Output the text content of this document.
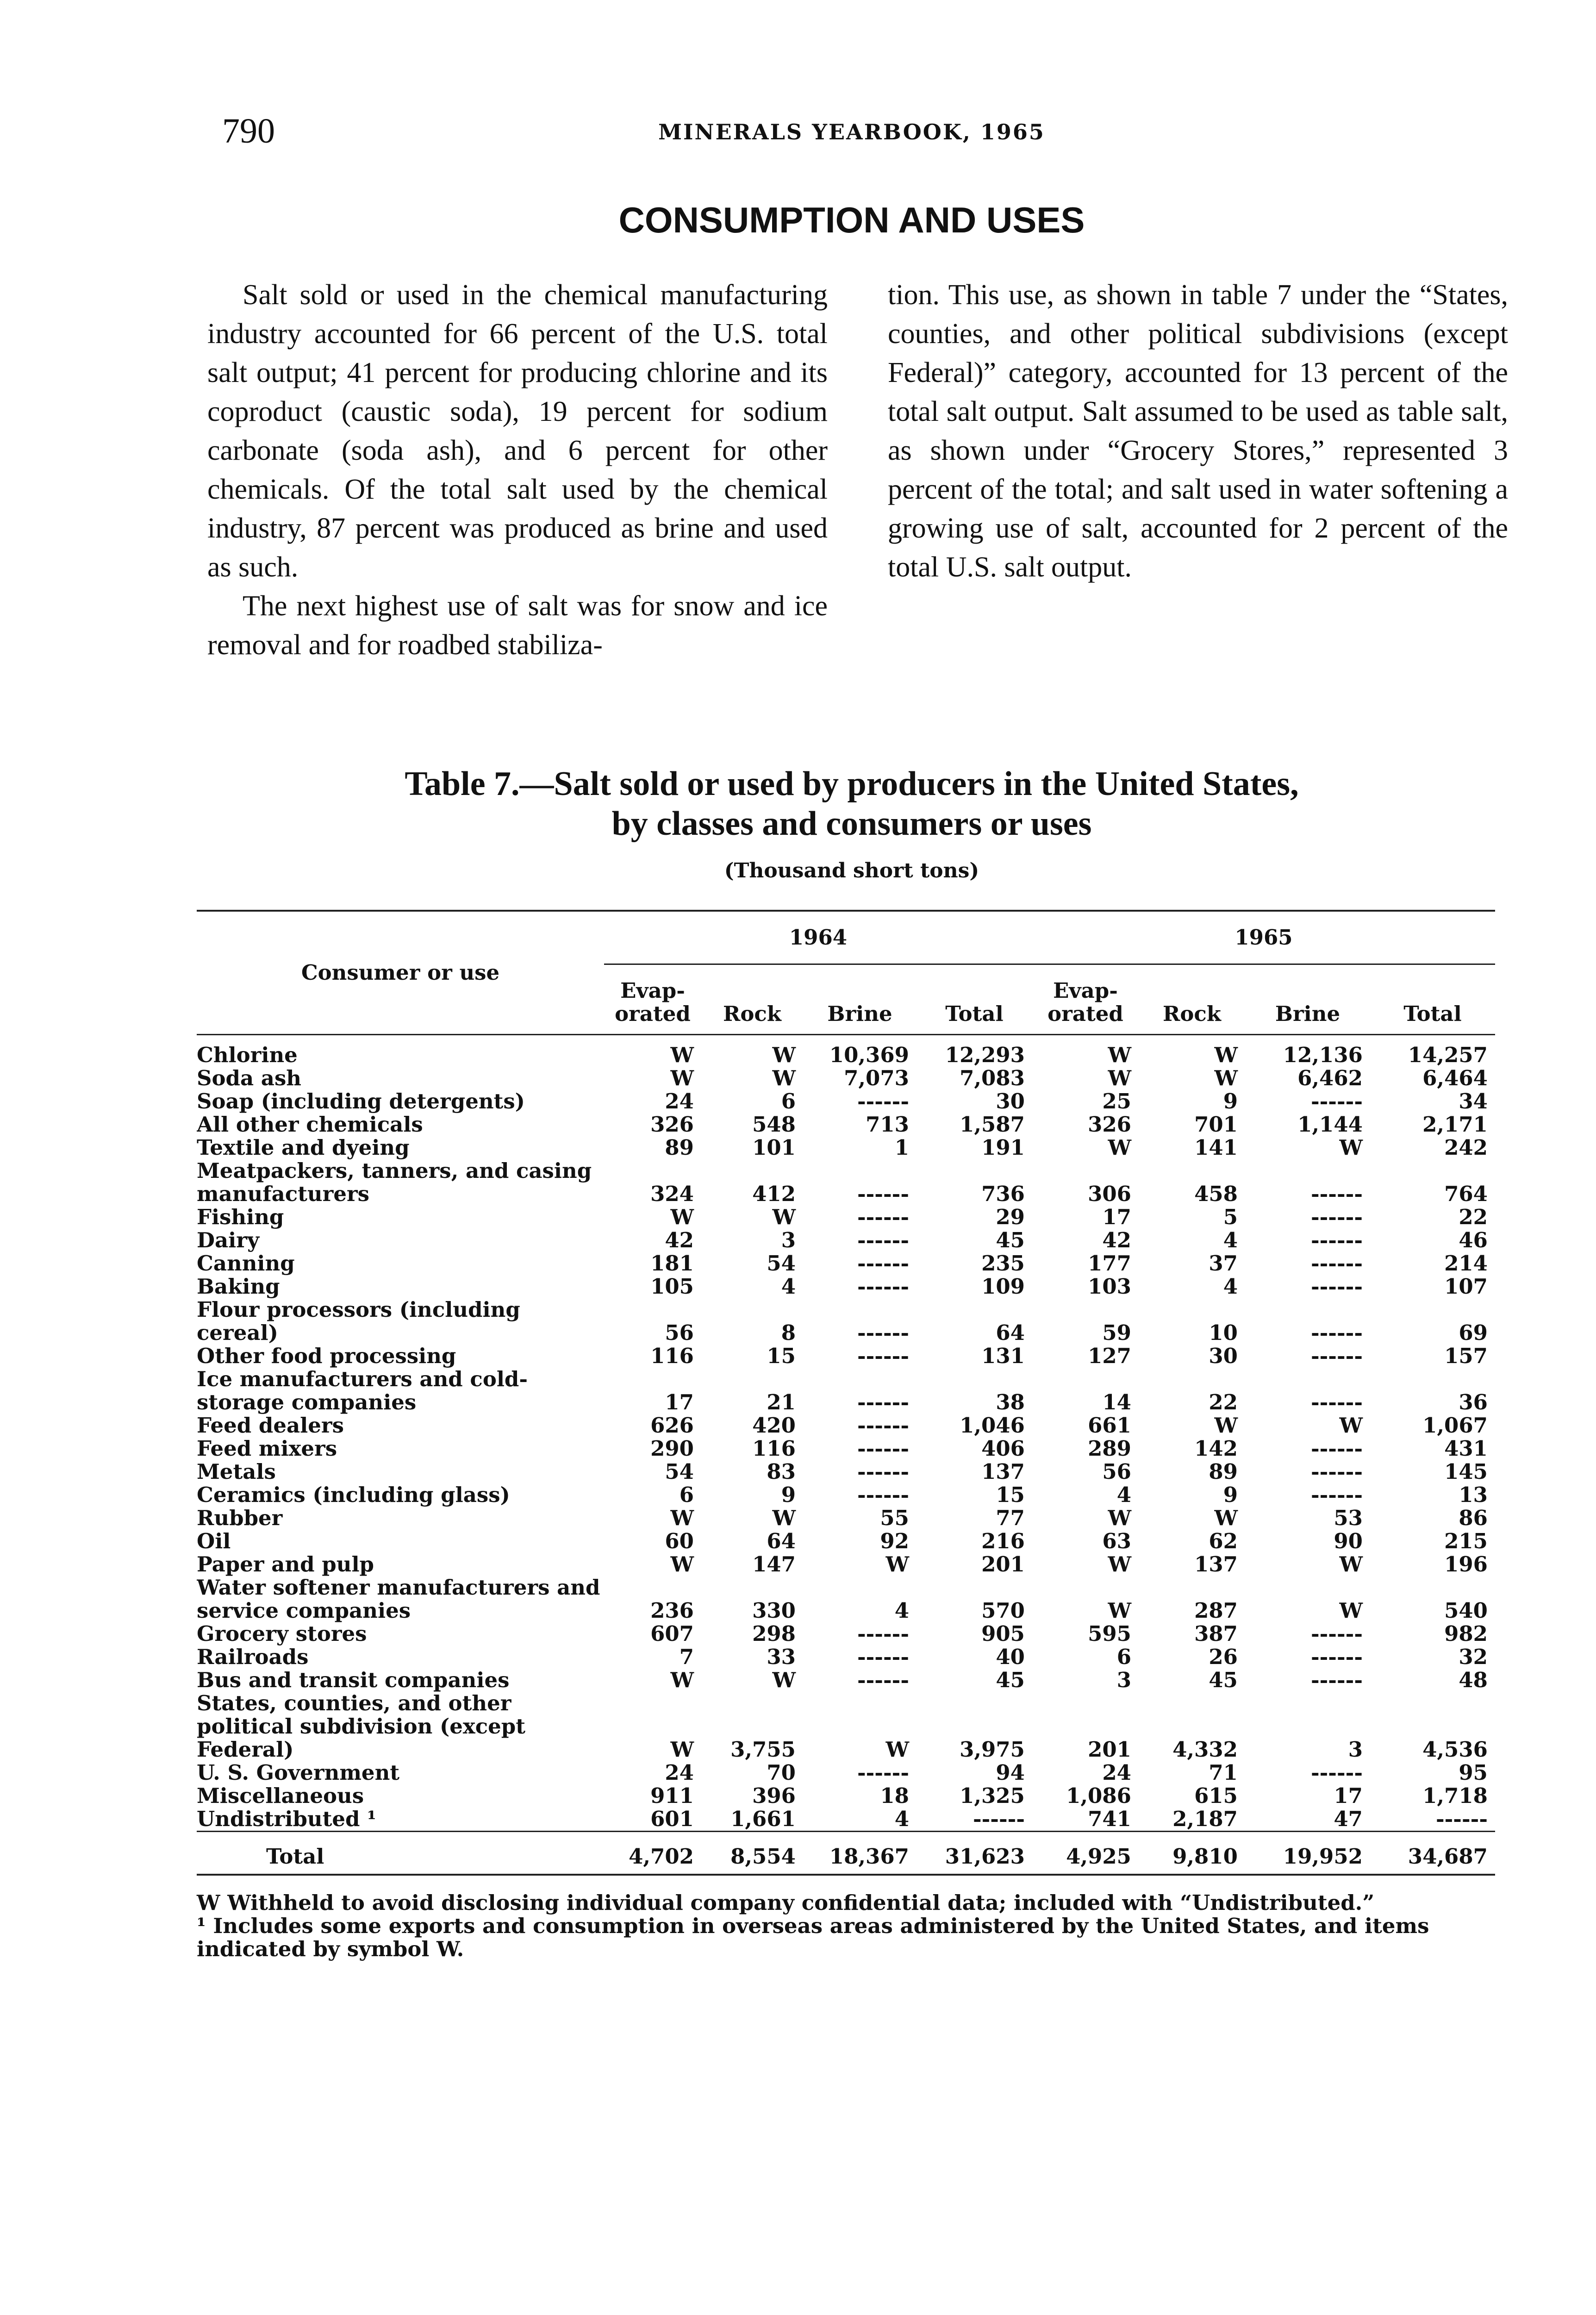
790	MINERALS YEARBOOK, 1965
CONSUMPTION AND USES

Salt sold or used in the chemical manufacturing industry accounted for 66 percent of the U.S. total salt output; 41 percent for producing chlorine and its coproduct (caustic soda), 19 percent for sodium carbonate (soda ash), and 6 percent for other chemicals. Of the total salt used by the chemical industry, 87 percent was produced as brine and used as such.

The next highest use of salt was for snow and ice removal and for roadbed stabiliza-

tion. This use, as shown in table 7 under the “States, counties, and other political subdivisions (except Federal)” category, accounted for 13 percent of the total salt output. Salt assumed to be used as table salt, as shown under “Grocery Stores,” represented 3 percent of the total; and salt used in water softening a growing use of salt, accounted for 2 percent of the total U.S. salt output.

Table 7.—Salt sold or used by producers in the United States,
by classes and consumers or uses
(Thousand short tons)
Consumer or use	1964				1965			
	Evap- orated	Rock	Brine	Total	Evap- orated	Rock	Brine	Total
Chlorine	W	W	10,369	12,293	W	W	12,136	14,257
Soda ash	W	W	7,073	7,083	W	W	6,462	6,464
Soap (including detergents)	24	6	------	30	25	9	------	34
All other chemicals	326	548	713	1,587	326	701	1,144	2,171
Textile and dyeing	89	101	1	191	W	141	W	242
Meatpackers, tanners, and casing manufacturers	324	412	------	736	306	458	------	764
Fishing	W	W	------	29	17	5	------	22
Dairy	42	3	------	45	42	4	------	46
Canning	181	54	------	235	177	37	------	214
Baking	105	4	------	109	103	4	------	107
Flour processors (including cereal)	56	8	------	64	59	10	------	69
Other food processing	116	15	------	131	127	30	------	157
Ice manufacturers and cold-storage companies	17	21	------	38	14	22	------	36
Feed dealers	626	420	------	1,046	661	W	W	1,067
Feed mixers	290	116	------	406	289	142	------	431
Metals	54	83	------	137	56	89	------	145
Ceramics (including glass)	6	9	------	15	4	9	------	13
Rubber	W	W	55	77	W	W	53	86
Oil	60	64	92	216	63	62	90	215
Paper and pulp	W	147	W	201	W	137	W	196
Water softener manufacturers and service companies	236	330	4	570	W	287	W	540
Grocery stores	607	298	------	905	595	387	------	982
Railroads	7	33	------	40	6	26	------	32
Bus and transit companies	W	W	------	45	3	45	------	48
States, counties, and other political subdivision (except Federal)	W	3,755	W	3,975	201	4,332	3	4,536
U. S. Government	24	70	------	94	24	71	------	95
Miscellaneous	911	396	18	1,325	1,086	615	17	1,718
Undistributed ¹	601	1,661	4	------	741	2,187	47	------
Total	4,702	8,554	18,367	31,623	4,925	9,810	19,952	34,687

W Withheld to avoid disclosing individual company confidential data; included with “Undistributed.”

¹ Includes some exports and consumption in overseas areas administered by the United States, and items indicated by symbol W.
